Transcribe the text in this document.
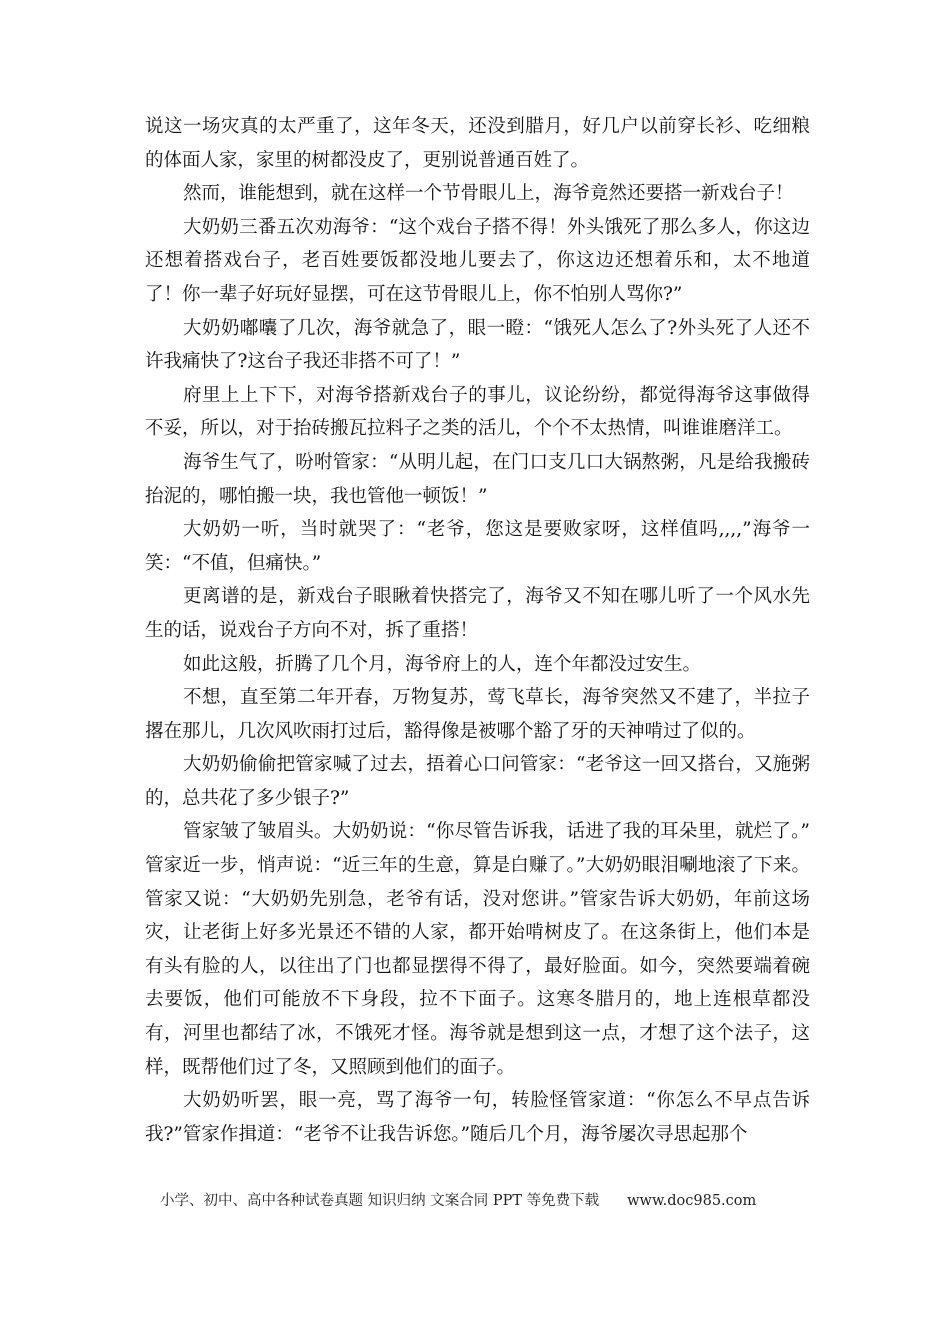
说这一场灾真的太严重了，这年冬天，还没到腊月，好几户以前穿长衫、吃细粮的体面人家，家里的树都没皮了，更别说普通百姓了。

然而，谁能想到，就在这样一个节骨眼儿上，海爷竟然还要搭一新戏台子！

大奶奶三番五次劝海爷：“这个戏台子搭不得！外头饿死了那么多人，你这边还想着搭戏台子，老百姓要饭都没地儿要去了，你这边还想着乐和，太不地道了！你一辈子好玩好显摆，可在这节骨眼儿上，你不怕别人骂你?”

大奶奶嘟囔了几次，海爷就急了，眼一瞪：“饿死人怎么了?外头死了人还不许我痛快了?这台子我还非搭不可了！”

府里上上下下，对海爷搭新戏台子的事儿，议论纷纷，都觉得海爷这事做得不妥，所以，对于抬砖搬瓦拉料子之类的活儿，个个不太热情，叫谁谁磨洋工。

海爷生气了，吩咐管家：“从明儿起，在门口支几口大锅熬粥，凡是给我搬砖抬泥的，哪怕搬一块，我也管他一顿饭！”

大奶奶一听，当时就哭了：“老爷，您这是要败家呀，这样值吗,,,,”海爷一笑：“不值，但痛快。”

更离谱的是，新戏台子眼瞅着快搭完了，海爷又不知在哪儿听了一个风水先生的话，说戏台子方向不对，拆了重搭！

如此这般，折腾了几个月，海爷府上的人，连个年都没过安生。

不想，直至第二年开春，万物复苏，莺飞草长，海爷突然又不建了，半拉子撂在那儿，几次风吹雨打过后，豁得像是被哪个豁了牙的天神啃过了似的。

大奶奶偷偷把管家喊了过去，捂着心口问管家：“老爷这一回又搭台，又施粥的，总共花了多少银子?”

管家皱了皱眉头。大奶奶说：“你尽管告诉我，话进了我的耳朵里，就烂了。” 管家近一步，悄声说：“近三年的生意，算是白赚了。”大奶奶眼泪唰地滚了下来。 管家又说：“大奶奶先别急，老爷有话，没对您讲。”管家告诉大奶奶，年前这场灾，让老街上好多光景还不错的人家，都开始啃树皮了。在这条街上，他们本是有头有脸的人，以往出了门也都显摆得不得了，最好脸面。如今，突然要端着碗去要饭，他们可能放不下身段，拉不下面子。这寒冬腊月的，地上连根草都没有，河里也都结了冰，不饿死才怪。海爷就是想到这一点，才想了这个法子，这样，既帮他们过了冬，又照顾到他们的面子。

大奶奶听罢，眼一亮，骂了海爷一句，转脸怪管家道：“你怎么不早点告诉我?”管家作揖道：“老爷不让我告诉您。”随后几个月，海爷屡次寻思起那个

小学、初中、高中各种试卷真题 知识归纳 文案合同 PPT 等免费下载 www.doc985.com
